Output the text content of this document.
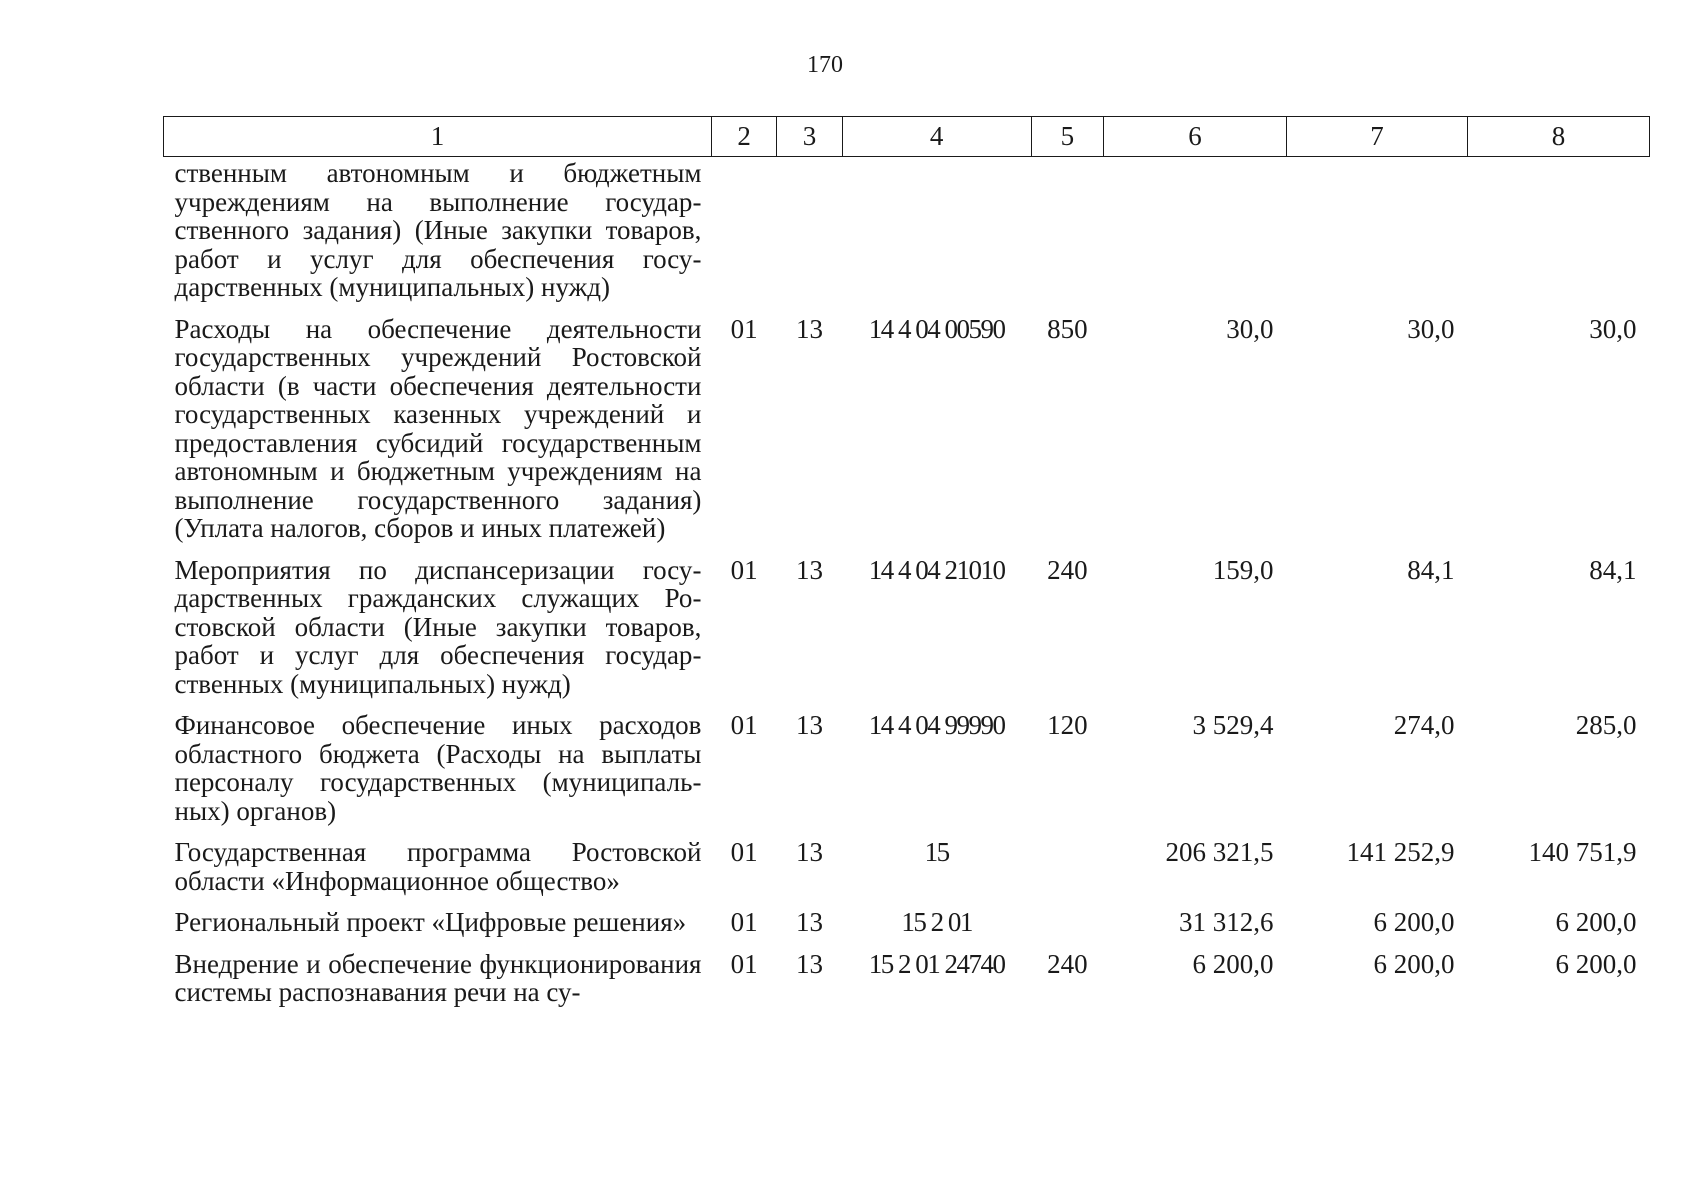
170
1	2	3	4	5	6	7	8
ственным автономным и бюджетным учреждениям на выполнение государственного задания) (Иные закупки товаров, работ и услуг для обеспечения государственных (муниципальных) нужд)							
Расходы на обеспечение деятельности государственных учреждений Ростовской области (в части обеспечения деятельности государственных казенных учреждений и предоставления субсидий государственным автономным и бюджетным учреждениям на выполнение государственного задания) (Уплата налогов, сборов и иных платежей)	01	13	14 4 04 00590	850	30,0	30,0	30,0
Мероприятия по диспансеризации государственных гражданских служащих Ростовской области (Иные закупки товаров, работ и услуг для обеспечения государственных (муниципальных) нужд)	01	13	14 4 04 21010	240	159,0	84,1	84,1
Финансовое обеспечение иных расходов областного бюджета (Расходы на выплаты персоналу государственных (муниципальных) органов)	01	13	14 4 04 99990	120	3 529,4	274,0	285,0
Государственная программа Ростовской области «Информационное общество»	01	13	15		206 321,5	141 252,9	140 751,9
Региональный проект «Цифровые решения»	01	13	15 2 01		31 312,6	6 200,0	6 200,0
Внедрение и обеспечение функционирования системы распознавания речи на су-	01	13	15 2 01 24740	240	6 200,0	6 200,0	6 200,0
